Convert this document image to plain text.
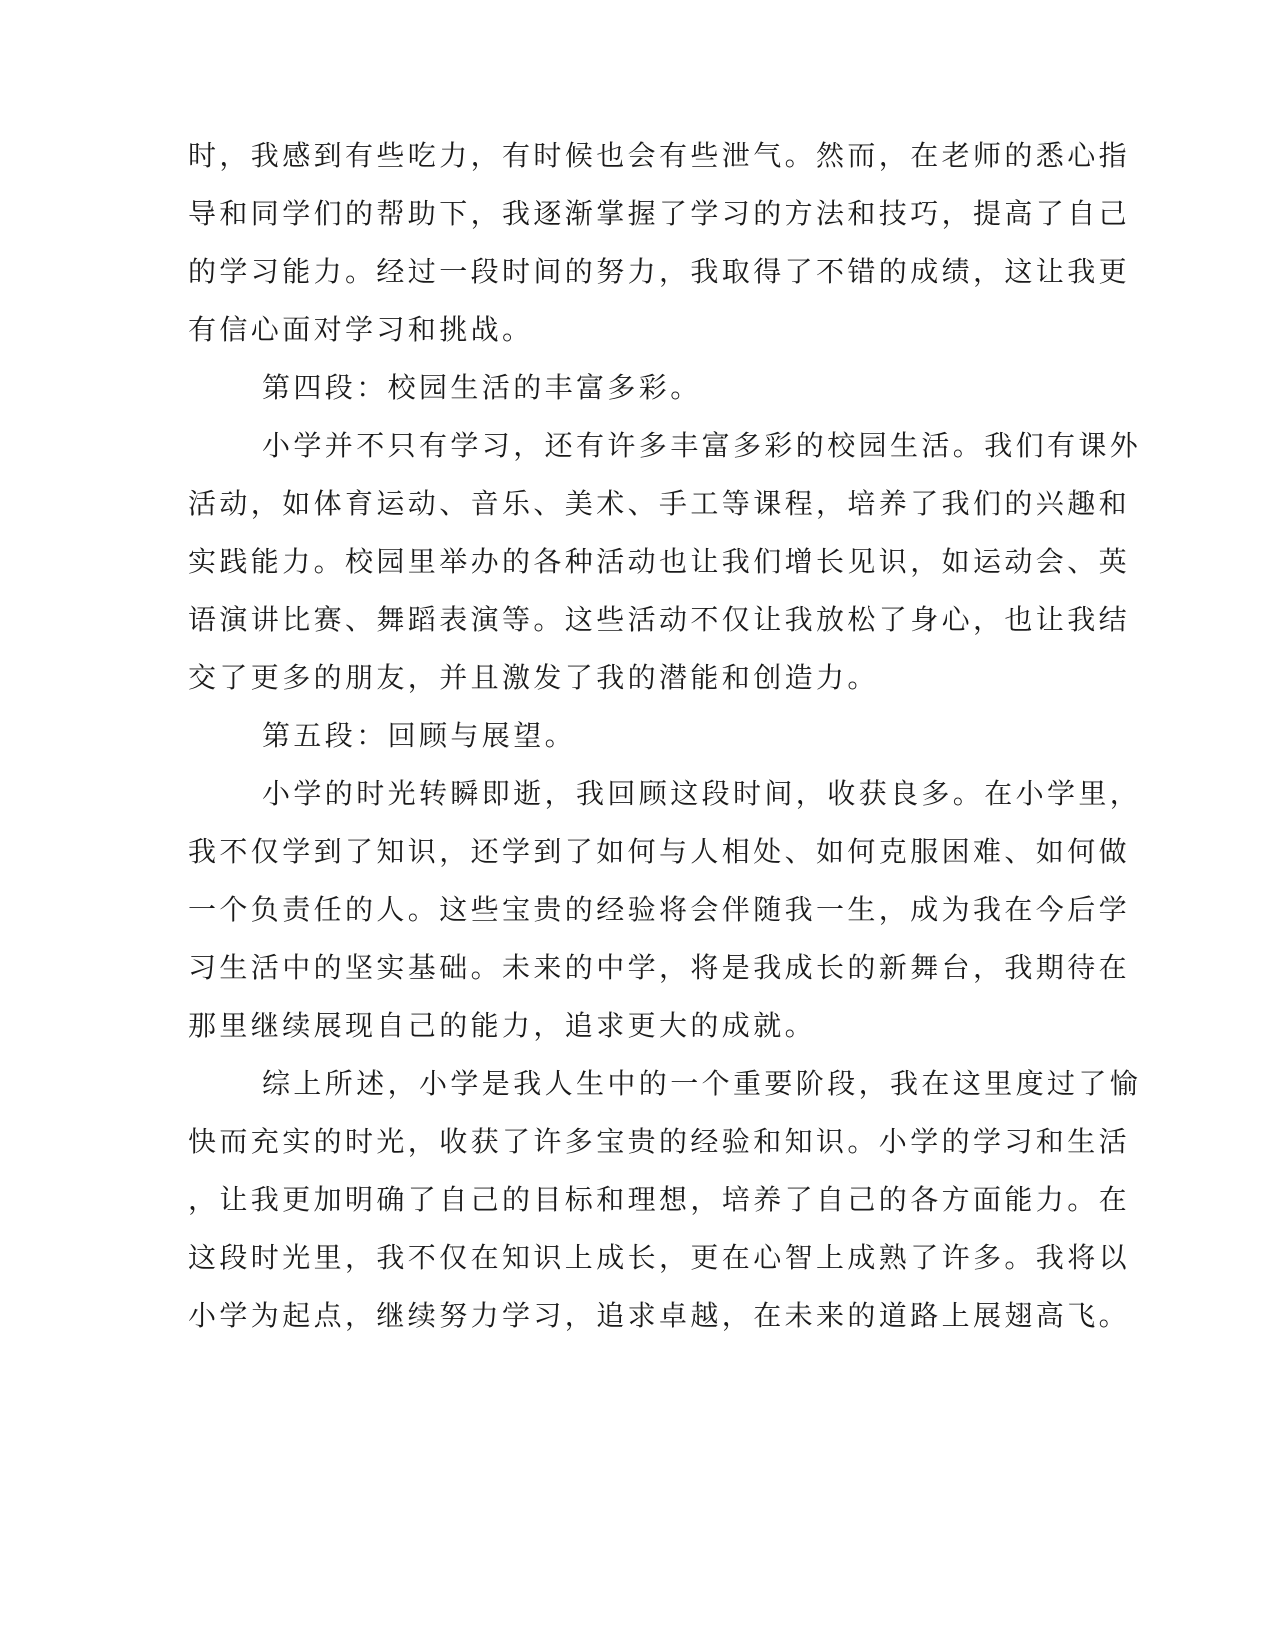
时，我感到有些吃力，有时候也会有些泄气。然而，在老师的悉心指
导和同学们的帮助下，我逐渐掌握了学习的方法和技巧，提高了自己
的学习能力。经过一段时间的努力，我取得了不错的成绩，这让我更
有信心面对学习和挑战。
第四段：校园生活的丰富多彩。
小学并不只有学习，还有许多丰富多彩的校园生活。我们有课外
活动，如体育运动、音乐、美术、手工等课程，培养了我们的兴趣和
实践能力。校园里举办的各种活动也让我们增长见识，如运动会、英
语演讲比赛、舞蹈表演等。这些活动不仅让我放松了身心，也让我结
交了更多的朋友，并且激发了我的潜能和创造力。
第五段：回顾与展望。
小学的时光转瞬即逝，我回顾这段时间，收获良多。在小学里，
我不仅学到了知识，还学到了如何与人相处、如何克服困难、如何做
一个负责任的人。这些宝贵的经验将会伴随我一生，成为我在今后学
习生活中的坚实基础。未来的中学，将是我成长的新舞台，我期待在
那里继续展现自己的能力，追求更大的成就。
综上所述，小学是我人生中的一个重要阶段，我在这里度过了愉
快而充实的时光，收获了许多宝贵的经验和知识。小学的学习和生活
，让我更加明确了自己的目标和理想，培养了自己的各方面能力。在
这段时光里，我不仅在知识上成长，更在心智上成熟了许多。我将以
小学为起点，继续努力学习，追求卓越，在未来的道路上展翅高飞。
